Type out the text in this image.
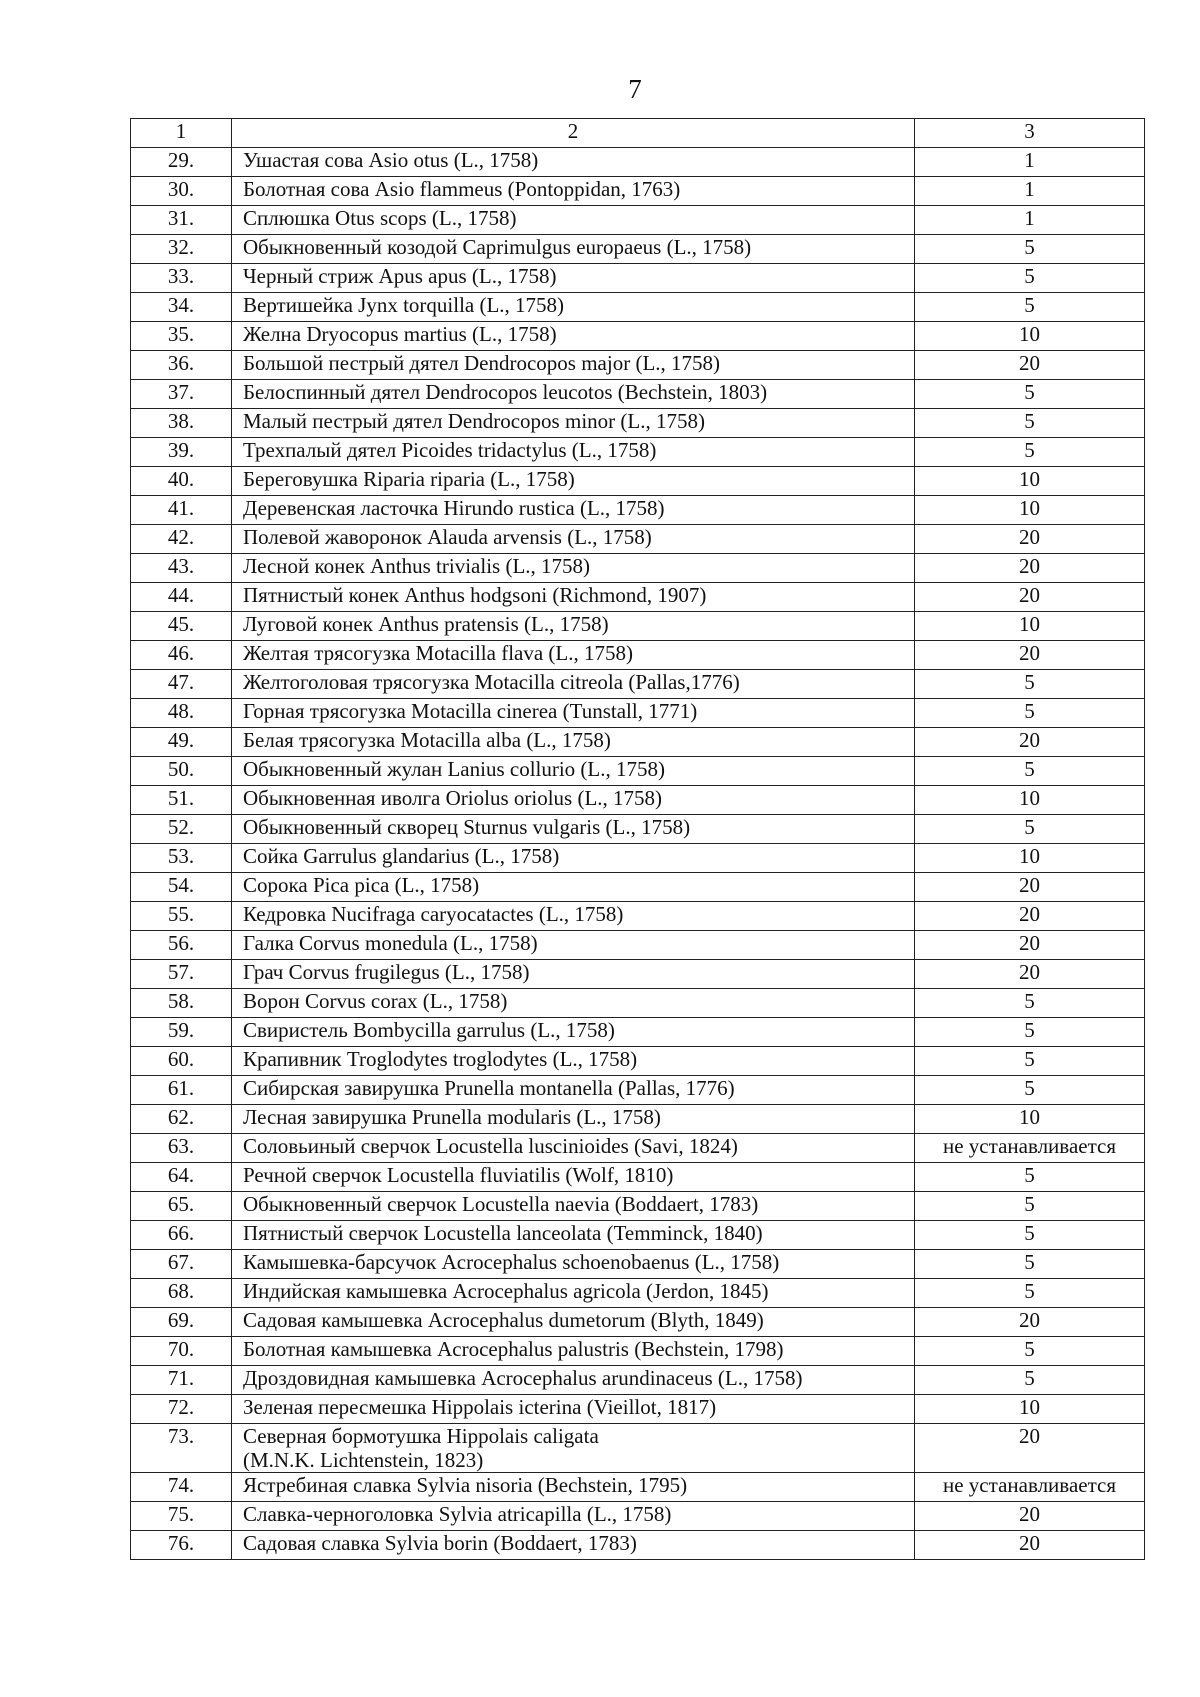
7
1	2	3
29.	Ушастая сова Asio otus (L., 1758)	1
30.	Болотная сова Asio flammeus (Pontoppidan, 1763)	1
31.	Сплюшка Otus scops (L., 1758)	1
32.	Обыкновенный козодой Caprimulgus europaeus (L., 1758)	5
33.	Черный стриж Apus apus (L., 1758)	5
34.	Вертишейка Jynx torquilla (L., 1758)	5
35.	Желна Dryocopus martius (L., 1758)	10
36.	Большой пестрый дятел Dendrocopos major (L., 1758)	20
37.	Белоспинный дятел Dendrocopos leucotos (Bechstein, 1803)	5
38.	Малый пестрый дятел Dendrocopos minor (L., 1758)	5
39.	Трехпалый дятел Picoides tridactylus (L., 1758)	5
40.	Береговушка Riparia riparia (L., 1758)	10
41.	Деревенская ласточка Hirundo rustica (L., 1758)	10
42.	Полевой жаворонок Alauda arvensis (L., 1758)	20
43.	Лесной конек Anthus trivialis (L., 1758)	20
44.	Пятнистый конек Anthus hodgsoni (Richmond, 1907)	20
45.	Луговой конек Anthus pratensis (L., 1758)	10
46.	Желтая трясогузка Motacilla flava (L., 1758)	20
47.	Желтоголовая трясогузка Motacilla citreola (Pallas,1776)	5
48.	Горная трясогузка Motacilla cinerea (Tunstall, 1771)	5
49.	Белая трясогузка Motacilla alba (L., 1758)	20
50.	Обыкновенный жулан Lanius collurio (L., 1758)	5
51.	Обыкновенная иволга Oriolus oriolus (L., 1758)	10
52.	Обыкновенный скворец Sturnus vulgaris (L., 1758)	5
53.	Сойка Garrulus glandarius (L., 1758)	10
54.	Сорока Pica pica (L., 1758)	20
55.	Кедровка Nucifraga caryocatactes (L., 1758)	20
56.	Галка Corvus monedula (L., 1758)	20
57.	Грач Corvus frugilegus (L., 1758)	20
58.	Ворон Corvus corax (L., 1758)	5
59.	Свиристель Bombycilla garrulus (L., 1758)	5
60.	Крапивник Troglodytes troglodytes (L., 1758)	5
61.	Сибирская завирушка Prunella montanella (Pallas, 1776)	5
62.	Лесная завирушка Prunella modularis (L., 1758)	10
63.	Соловьиный сверчок Locustella luscinioides (Savi, 1824)	не устанавливается
64.	Речной сверчок Locustella fluviatilis (Wolf, 1810)	5
65.	Обыкновенный сверчок Locustella naevia (Boddaert, 1783)	5
66.	Пятнистый сверчок Locustella lanceolata (Temminck, 1840)	5
67.	Камышевка-барсучок Acrocephalus schoenobaenus (L., 1758)	5
68.	Индийская камышевка Acrocephalus agricola (Jerdon, 1845)	5
69.	Садовая камышевка Acrocephalus dumetorum (Blyth, 1849)	20
70.	Болотная камышевка Acrocephalus palustris (Bechstein, 1798)	5
71.	Дроздовидная камышевка Acrocephalus arundinaceus (L., 1758)	5
72.	Зеленая пересмешка Hippolais icterina (Vieillot, 1817)	10
73.	Северная бормотушка Hippolais caligata
(M.N.K. Lichtenstein, 1823)	20
74.	Ястребиная славка Sylvia nisoria (Bechstein, 1795)	не устанавливается
75.	Славка-черноголовка Sylvia atricapilla (L., 1758)	20
76.	Садовая славка Sylvia borin (Boddaert, 1783)	20
